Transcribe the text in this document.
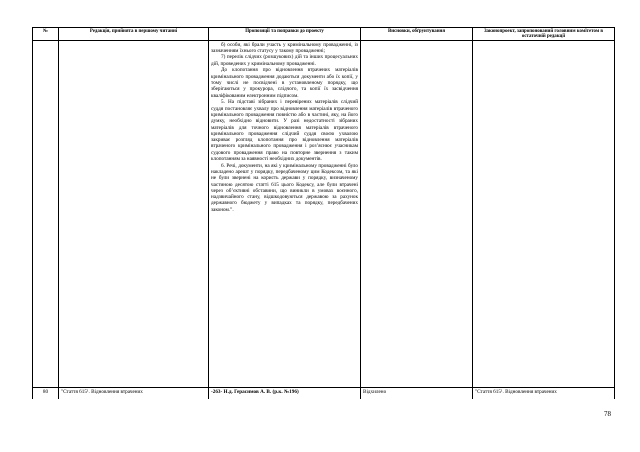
№	Редакція, прийнята в першому читанні	Пропозиції та поправки до проекту	Висновки, обґрунтування	Законопроект, запропонований головним комітетом в остаточній редакції

		б) особи, які брали участь у кримінальному провадженні, із зазначенням їхнього статусу у такому провадженні;

7) перелік слідчих (розшукових) дій та інших процесуальних дій, проведених у кримінальному провадженні.

До клопотання про відновлення втрачених матеріалів кримінального провадження додаються документи або їх копії, у тому числі не посвідчені в установленому порядку, що зберігаються у прокурора, слідчого, та копії їх засвідчення кваліфікованим електронним підписом.

5. На підставі зібраних і перевірених матеріалів слідчий суддя постановляє ухвалу про відновлення матеріалів втраченого кримінального провадження повністю або в частині, яку, на його думку, необхідно відновити. У разі недостатності зібраних матеріалів для точного відновлення матеріалів втраченого кримінального провадження слідчий суддя своєю ухвалою закриває розгляд клопотання про відновлення матеріалів втраченого кримінального провадження і роз’яснює учасникам судового провадження право на повторне звернення з таким клопотанням за наявності необхідних документів.

6. Речі, документи, на які у кримінальному провадженні було накладено арешт у порядку, передбаченому цим Кодексом, та які не були звернені на користь держави у порядку, визначеному частиною десятою статті 615 цього Кодексу, але були втрачені через об’єктивні обставини, що виникли в умовах воєнного, надзвичайного стану, відшкодовуються державою за рахунок державного бюджету у випадках та порядку, передбачених законом.”.		

80	"Стаття 615¹. Відновлення втрачених	-263- Н.д. Герасимов А. В. (р.к. №196)	Відхилено	"Стаття 615¹. Відновлення втрачених
78
